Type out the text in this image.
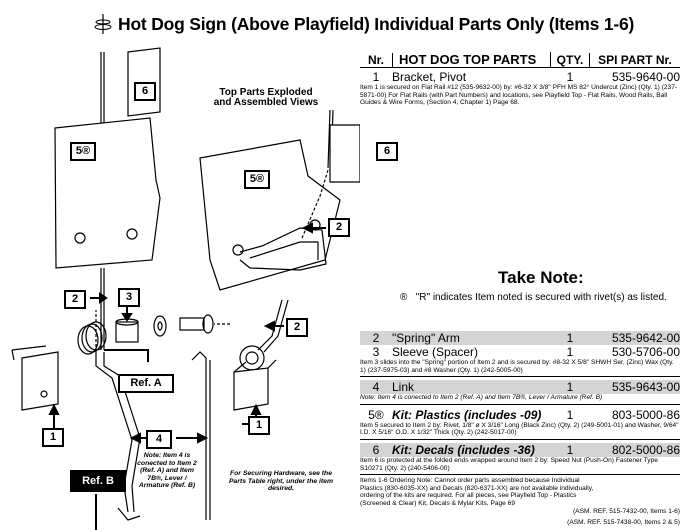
Hot Dog Sign (Above Playfield) Individual Parts Only (Items 1-6)
Top Parts Exploded
and Assembled Views
6
5®	6
5®
2
2	3
2
Ref. A
1
1
4
Ref. B
Note: Item 4 is conected to Item 2 (Ref. A) and Item 7B®, Lever / Armature (Ref. B)
For Securing Hardware, see the Parts Table right, under the item desired.
Take Note:
® "R" indicates Item noted is secured with rivet(s) as listed.
Nr.	HOT DOG TOP PARTS	QTY.	SPI PART Nr.
1	Bracket, Pivot	1	535-9640-00
Item 1 is secured on Flat Rail #12 (535-9632-00) by: #6-32 X 3/8" PFH MS 82° Undercut (Zinc) (Qty. 1) (237-5871-00) For Flat Rails (with Part Numbers) and locations, see Playfield Top - Flat Rails, Wood Rails, Ball Guides & Wire Forms, (Section 4, Chapter 1) Page 68.
2	"Spring" Arm	1	535-9642-00
3	Sleeve (Spacer)	1	530-5706-00
Item 3 slides into the "Spring" portion of Item 2 and is secured by: #8-32 X 5/8" SHWH Ser. (Zinc) Wax (Qty. 1) (237-5975-03) and #8 Washer (Qty. 1) (242-5005-00)
4	Link	1	535-9643-00
Note: Item 4 is conected to Item 2 (Ref. A) and Item 7B®, Lever / Armature (Ref. B)
5® Kit: Plastics (includes -09)	1	803-5000-86
Item 5 secured to Item 2 by: Rivet, 1/8" ø X 3/16" Long (Black Zinc) (Qty. 2) (249-5001-01) and Washer, 9/64" I.D. X 5/16" O.D. X 1/32" Thick (Qty. 2) (242-5017-00)
6	Kit: Decals (includes -36)	1	802-5000-86
Item 6 is protected at the folded ends wrapped around Item 2 by: Speed Nut (Push-On) Fastener Type S10271 (Qty. 2) (240-5406-00)
Items 1-6 Ordering Note: Cannot order parts assembled because Individual Plastics (830-6035-XX) and Decals (820-6371-XX) are not available individually, ordering of the kits are required. For all pieces, see Playfield Top - Plastics (Screened & Clear) Kit, Decals & Mylar Kits, Page 69
(ASM. REF. 515-7432-00, Items 1-6)
(ASM. REF. 515-7438-00, Items 2 & 5)
